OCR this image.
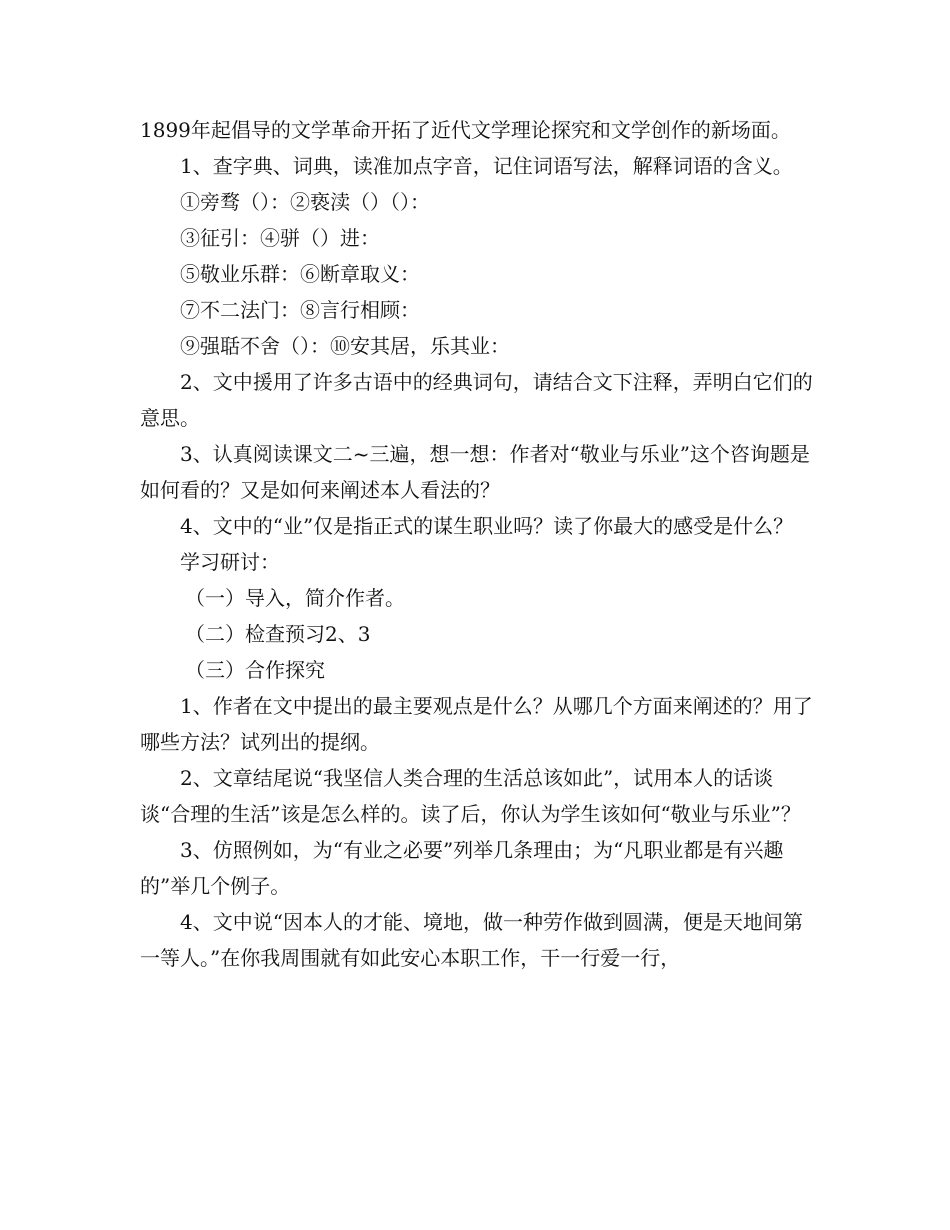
1899年起倡导的文学革命开拓了近代文学理论探究和文学创作的新场面。

1、查字典、词典，读准加点字音，记住词语写法，解释词语的含义。

①旁骛（）：②亵渎（）（）：

③征引：④骈（）进：

⑤敬业乐群：⑥断章取义：

⑦不二法门：⑧言行相顾：

⑨强聒不舍（）：⑩安其居，乐其业：

2、文中援用了许多古语中的经典词句，请结合文下注释，弄明白它们的意思。

3、认真阅读课文二~三遍，想一想：作者对“敬业与乐业”这个咨询题是如何看的？又是如何来阐述本人看法的？

4、文中的“业”仅是指正式的谋生职业吗？读了你最大的感受是什么？

学习研讨：

（一）导入，简介作者。

（二）检查预习2、3

（三）合作探究

1、作者在文中提出的最主要观点是什么？从哪几个方面来阐述的？用了哪些方法？试列出的提纲。

2、文章结尾说“我坚信人类合理的生活总该如此”，试用本人的话谈谈“合理的生活”该是怎么样的。读了后，你认为学生该如何“敬业与乐业”？

3、仿照例如，为“有业之必要”列举几条理由；为“凡职业都是有兴趣的”举几个例子。

4、文中说“因本人的才能、境地，做一种劳作做到圆满，便是天地间第一等人。”在你我周围就有如此安心本职工作，干一行爱一行，
